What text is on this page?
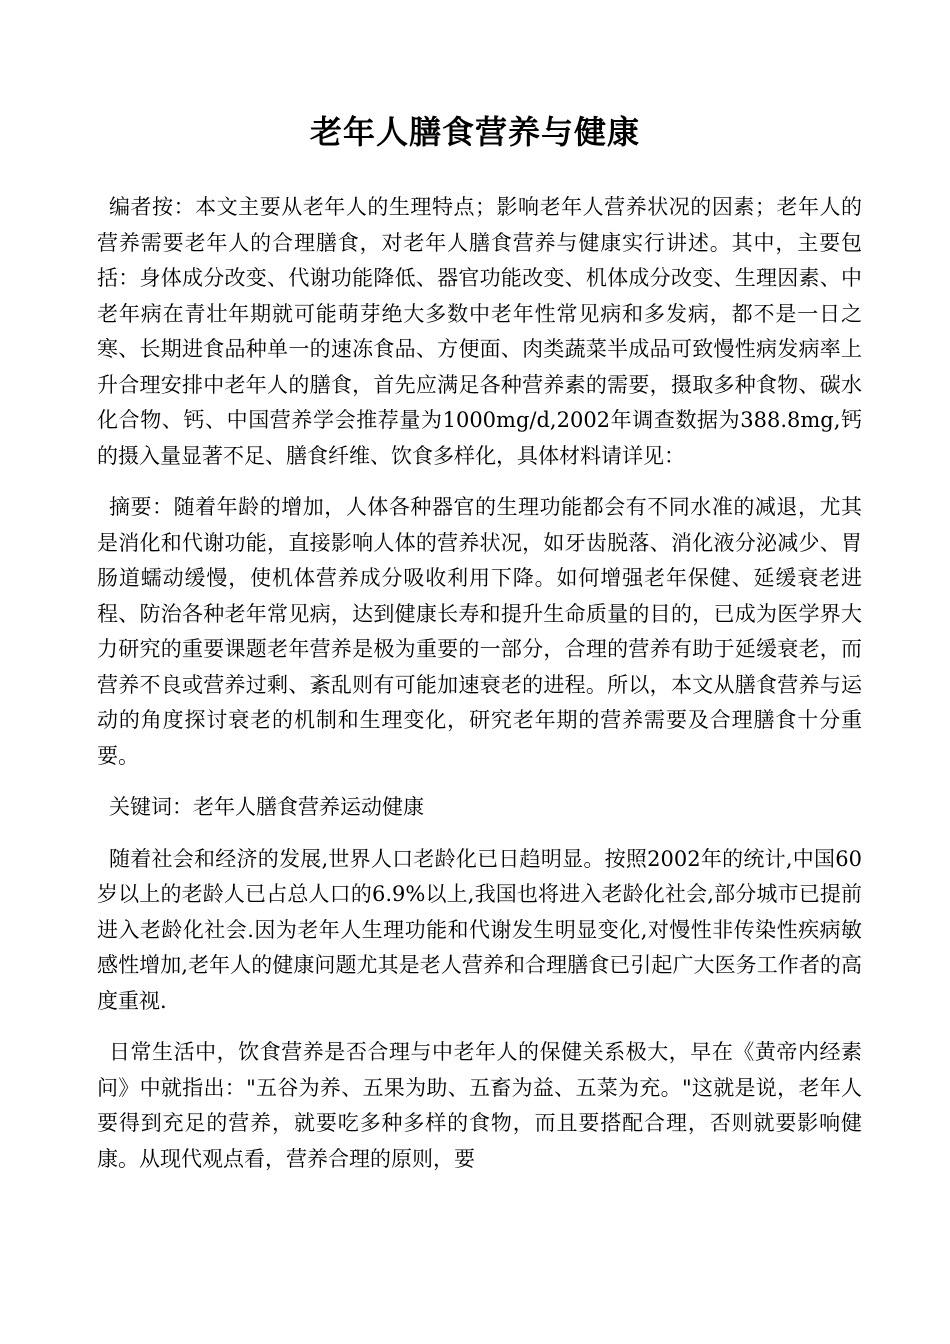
老年人膳食营养与健康

编者按：本文主要从老年人的生理特点；影响老年人营养状况的因素；老年人的营养需要老年人的合理膳食，对老年人膳食营养与健康实行讲述。其中，主要包括：身体成分改变、代谢功能降低、器官功能改变、机体成分改变、生理因素、中老年病在青壮年期就可能萌芽绝大多数中老年性常见病和多发病，都不是一日之寒、长期进食品种单一的速冻食品、方便面、肉类蔬菜半成品可致慢性病发病率上升合理安排中老年人的膳食，首先应满足各种营养素的需要，摄取多种食物、碳水化合物、钙、中国营养学会推荐量为1000mg/d,2002年调查数据为388.8mg,钙的摄入量显著不足、膳食纤维、饮食多样化，具体材料请详见：

摘要：随着年龄的增加，人体各种器官的生理功能都会有不同水准的减退，尤其是消化和代谢功能，直接影响人体的营养状况，如牙齿脱落、消化液分泌减少、胃肠道蠕动缓慢，使机体营养成分吸收利用下降。如何增强老年保健、延缓衰老进程、防治各种老年常见病，达到健康长寿和提升生命质量的目的，已成为医学界大力研究的重要课题老年营养是极为重要的一部分，合理的营养有助于延缓衰老，而营养不良或营养过剩、紊乱则有可能加速衰老的进程。所以，本文从膳食营养与运动的角度探讨衰老的机制和生理变化，研究老年期的营养需要及合理膳食十分重要。

关键词：老年人膳食营养运动健康

随着社会和经济的发展,世界人口老龄化已日趋明显。按照2002年的统计,中国60岁以上的老龄人已占总人口的6.9%以上,我国也将进入老龄化社会,部分城市已提前进入老龄化社会.因为老年人生理功能和代谢发生明显变化,对慢性非传染性疾病敏感性增加,老年人的健康问题尤其是老人营养和合理膳食已引起广大医务工作者的高度重视.

日常生活中，饮食营养是否合理与中老年人的保健关系极大，早在《黄帝内经素问》中就指出："五谷为养、五果为助、五畜为益、五菜为充。"这就是说，老年人要得到充足的营养，就要吃多种多样的食物，而且要搭配合理，否则就要影响健康。从现代观点看，营养合理的原则，要
